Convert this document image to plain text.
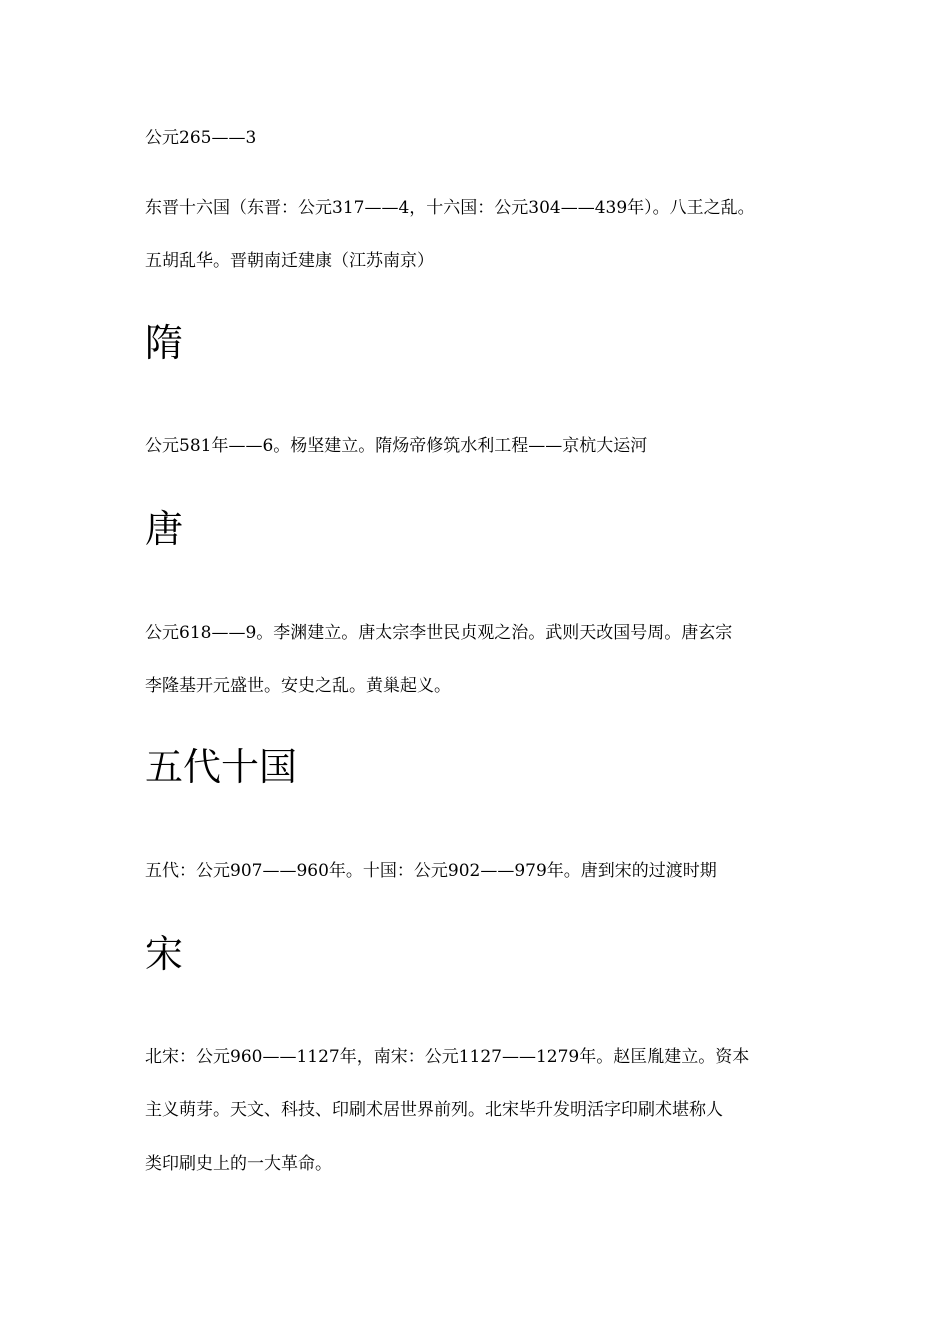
公元265——3
东晋十六国（东晋：公元317——4，十六国：公元304——439年）。八王之乱。
五胡乱华。晋朝南迁建康（江苏南京）
隋
公元581年——6。杨坚建立。隋炀帝修筑水利工程——京杭大运河
唐
公元618——9。李渊建立。唐太宗李世民贞观之治。武则天改国号周。唐玄宗
李隆基开元盛世。安史之乱。黄巢起义。
五代十国
五代：公元907——960年。十国：公元902——979年。唐到宋的过渡时期
宋
北宋：公元960——1127年，南宋：公元1127——1279年。赵匡胤建立。资本
主义萌芽。天文、科技、印刷术居世界前列。北宋毕升发明活字印刷术堪称人
类印刷史上的一大革命。
